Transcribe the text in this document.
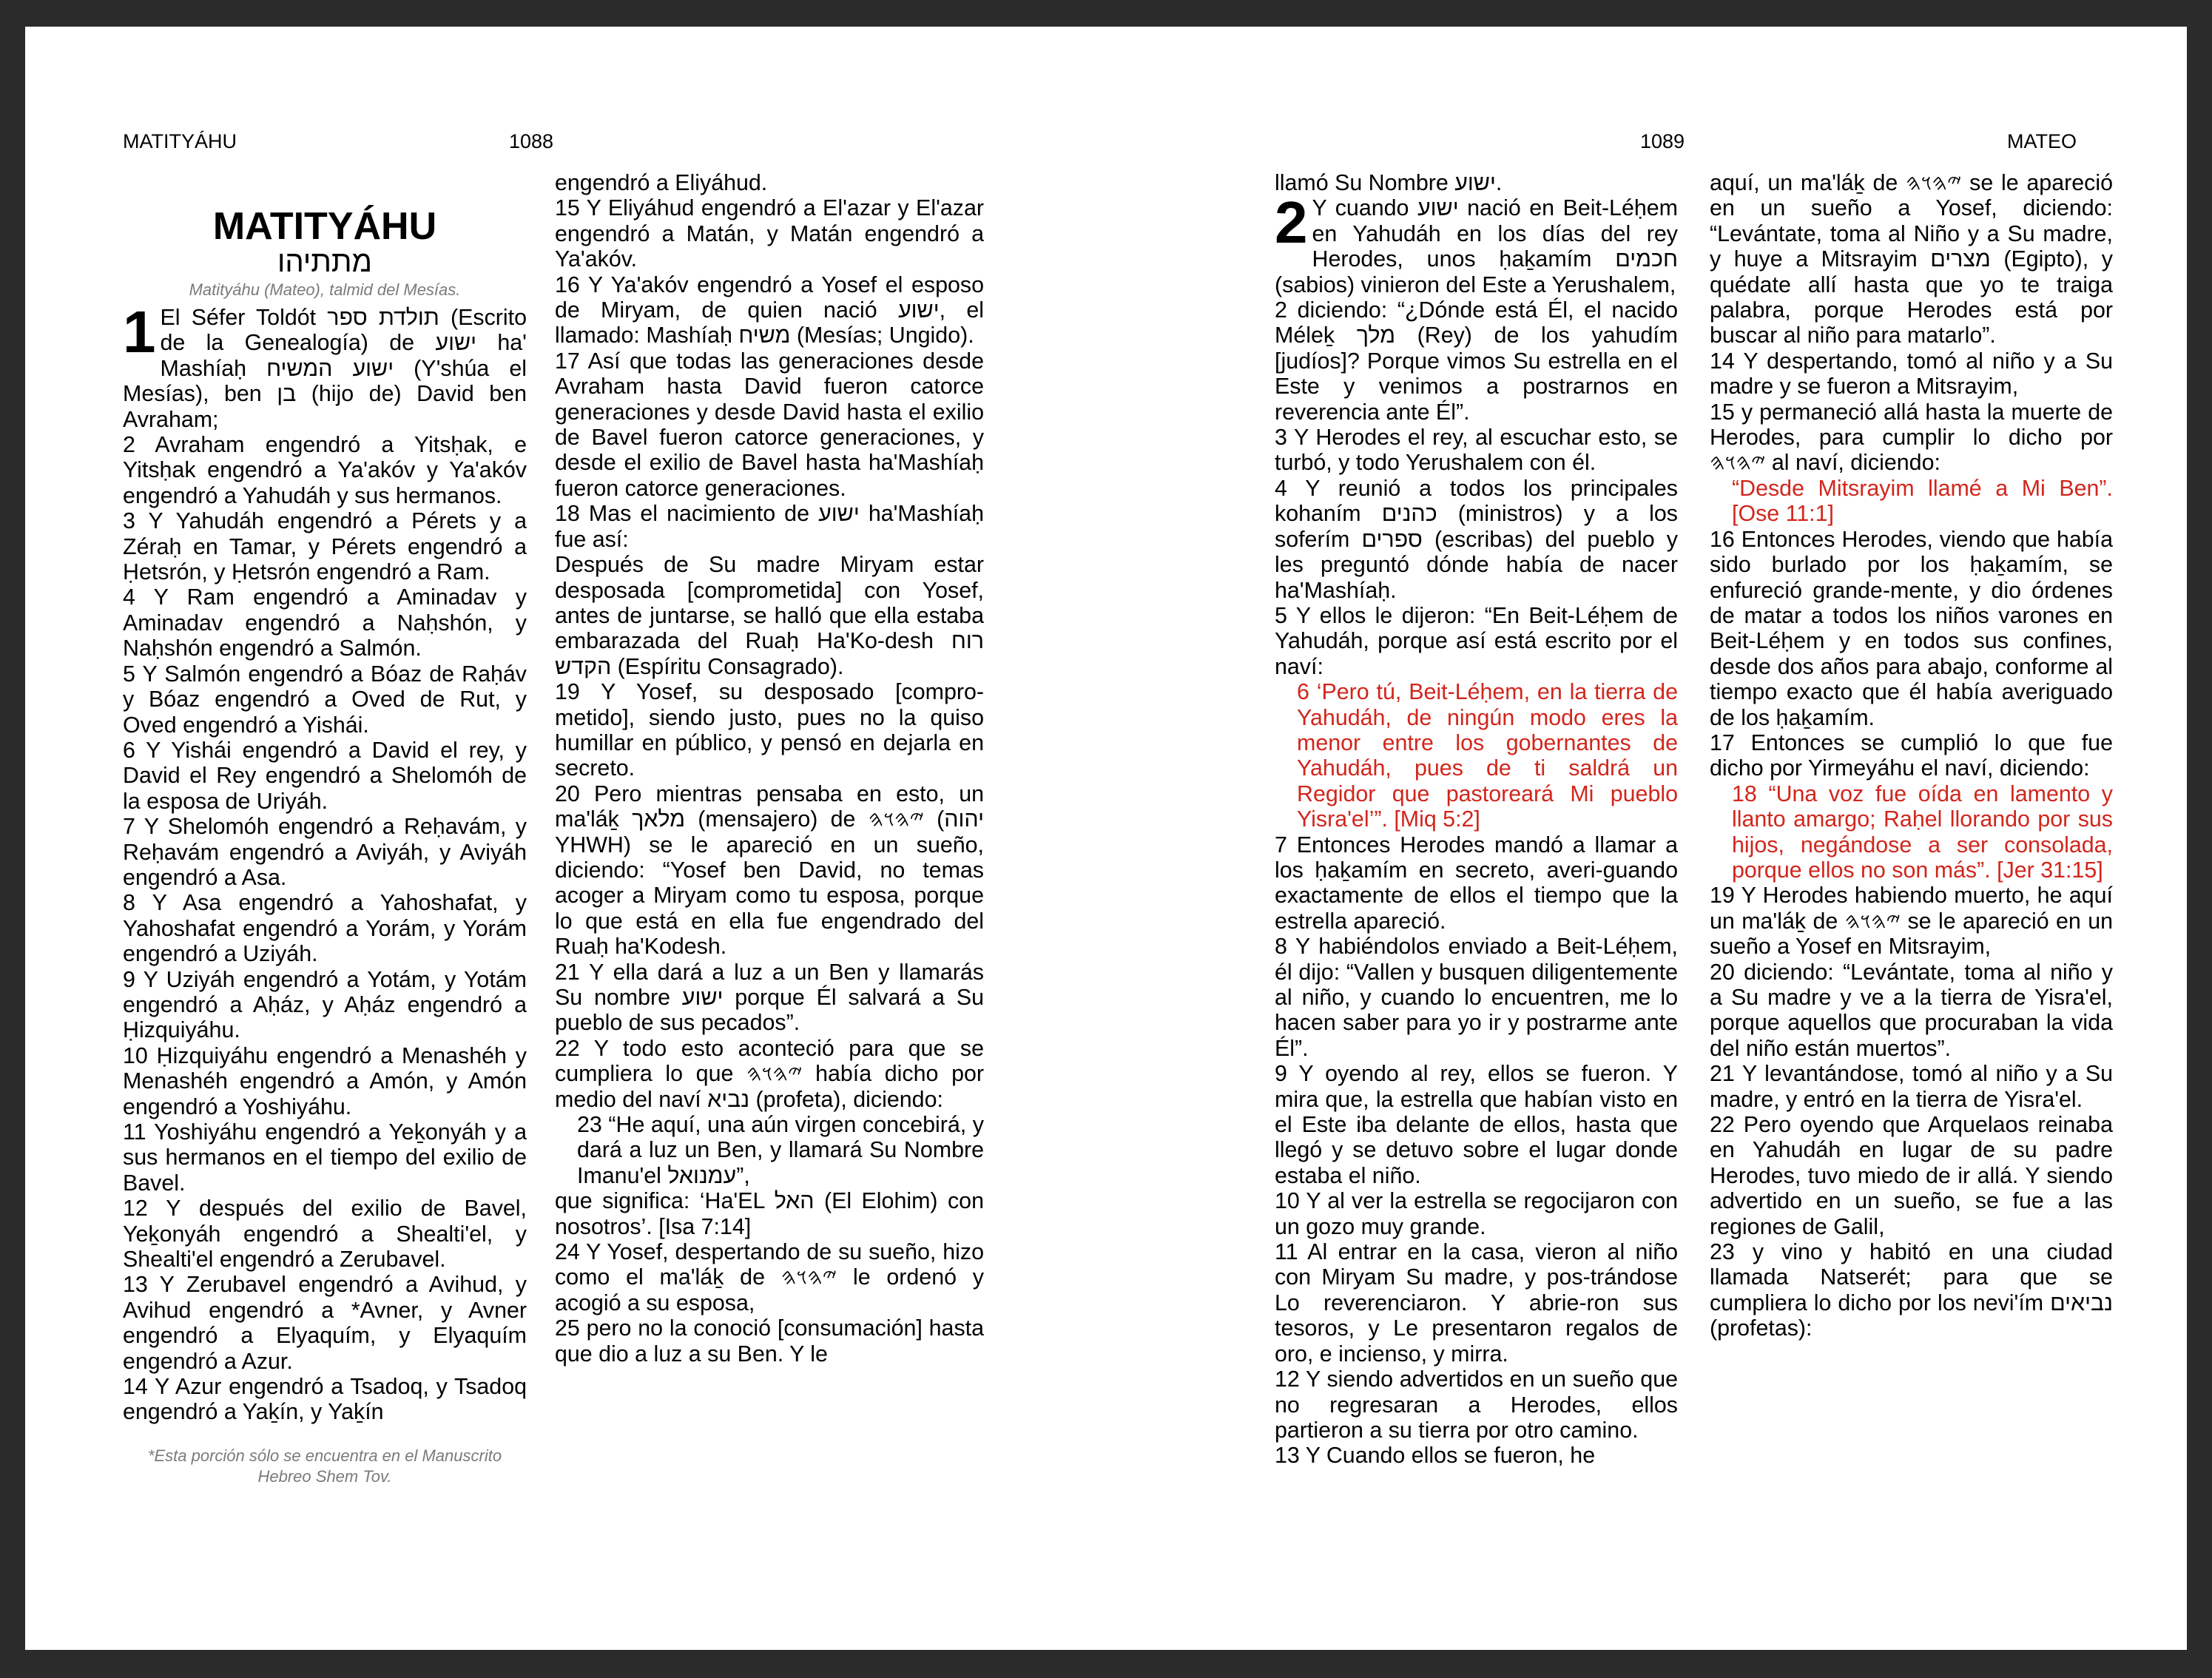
MATITYÁHU	1088
MATITYÁHU
מתתיהו
Matityáhu (Mateo), talmid del Mesías.
1 El Séfer Toldót תולדת ספר (Escrito de la Genealogía) de ישוע ha' Mashíaḥ ישוע המשיח (Y'shúa el Mesías), ben בן (hijo de) David ben Avraham;

2 Avraham engendró a Yitsḥak, e Yitsḥak engendró a Ya'akóv y Ya'akóv engendró a Yahudáh y sus hermanos.

3 Y Yahudáh engendró a Pérets y a Zéraḥ en Tamar, y Pérets engendró a Ḥetsrón, y Ḥetsrón engendró a Ram.

4 Y Ram engendró a Aminadav y Aminadav engendró a Naḥshón, y Naḥshón engendró a Salmón.

5 Y Salmón engendró a Bóaz de Raḥáv y Bóaz engendró a Oved de Rut, y Oved engendró a Yishái.

6 Y Yishái engendró a David el rey, y David el Rey engendró a Shelomóh de la esposa de Uriyáh.

7 Y Shelomóh engendró a Reḥavám, y Reḥavám engendró a Aviyáh, y Aviyáh engendró a Asa.

8 Y Asa engendró a Yahoshafat, y Yahoshafat engendró a Yorám, y Yorám engendró a Uziyáh.

9 Y Uziyáh engendró a Yotám, y Yotám engendró a Aḥáz, y Aḥáz engendró a Ḥizquiyáhu.

10 Ḥizquiyáhu engendró a Menashéh y Menashéh engendró a Amón, y Amón engendró a Yoshiyáhu.

11 Yoshiyáhu engendró a Yeḵonyáh y a sus hermanos en el tiempo del exilio de Bavel.

12 Y después del exilio de Bavel, Yeḵonyáh engendró a Shealti'el, y Shealti'el engendró a Zerubavel.

13 Y Zerubavel engendró a Avihud, y Avihud engendró a *Avner, y Avner engendró a Elyaquím, y Elyaquím engendró a Azur.

14 Y Azur engendró a Tsadoq, y Tsadoq engendró a Yaḵín, y Yaḵín

*Esta porción sólo se encuentra en el Manuscrito Hebreo Shem Tov.

engendró a Eliyáhud.

15 Y Eliyáhud engendró a El'azar y El'azar engendró a Matán, y Matán engendró a Ya'akóv.

16 Y Ya'akóv engendró a Yosef el esposo de Miryam, de quien nació ישוע, el llamado: Mashíaḥ משיח (Mesías; Ungido).

17 Así que todas las generaciones desde Avraham hasta David fueron catorce generaciones y desde David hasta el exilio de Bavel fueron catorce generaciones, y desde el exilio de Bavel hasta ha'Mashíaḥ fueron catorce generaciones.

18 Mas el nacimiento de ישוע ha'Mashíaḥ fue así:

Después de Su madre Miryam estar desposada [comprometida] con Yosef, antes de juntarse, se halló que ella estaba embarazada del Ruaḥ Ha'Ko-desh רוח הקדש (Espíritu Consagrado).

19 Y Yosef, su desposado [compro-metido], siendo justo, pues no la quiso humillar en público, y pensó en dejarla en secreto.

20 Pero mientras pensaba en esto, un ma'láḵ מלאך (mensajero) de 𐤉𐤄𐤅𐤄 (יהוה YHWH) se le apareció en un sueño, diciendo: “Yosef ben David, no temas acoger a Miryam como tu esposa, porque lo que está en ella fue engendrado del Ruaḥ ha'Kodesh.

21 Y ella dará a luz a un Ben y llamarás Su nombre ישוע porque Él salvará a Su pueblo de sus pecados”.

22 Y todo esto aconteció para que se cumpliera lo que 𐤉𐤄𐤅𐤄 había dicho por medio del naví נביא (profeta), diciendo:

23 “He aquí, una aún virgen concebirá, y dará a luz un Ben, y llamará Su Nombre Imanu'el עמנואל”,

que significa: ‘Ha'EL האל (El Elohim) con nosotros’. [Isa 7:14]

24 Y Yosef, despertando de su sueño, hizo como el ma'láḵ de 𐤉𐤄𐤅𐤄 le ordenó y acogió a su esposa,

25 pero no la conoció [consumación] hasta que dio a luz a su Ben. Y le

1089	MATEO

llamó Su Nombre ישוע.

2 Y cuando ישוע nació en Beit-Léḥem en Yahudáh en los días del rey Herodes, unos ḥaḵamím חכמים (sabios) vinieron del Este a Yerushalem,

2 diciendo: “¿Dónde está Él, el nacido Méleḵ מלך (Rey) de los yahudím [judíos]? Porque vimos Su estrella en el Este y venimos a postrarnos en reverencia ante Él”.

3 Y Herodes el rey, al escuchar esto, se turbó, y todo Yerushalem con él.

4 Y reunió a todos los principales kohaním כהנים (ministros) y a los soferím ספרים (escribas) del pueblo y les preguntó dónde había de nacer ha'Mashíaḥ.

5 Y ellos le dijeron: “En Beit-Léḥem de Yahudáh, porque así está escrito por el naví:

6 ‘Pero tú, Beit-Léḥem, en la tierra de Yahudáh, de ningún modo eres la menor entre los gobernantes de Yahudáh, pues de ti saldrá un Regidor que pastoreará Mi pueblo Yisra'el’”. [Miq 5:2]

7 Entonces Herodes mandó a llamar a los ḥaḵamím en secreto, averi-guando exactamente de ellos el tiempo que la estrella apareció.

8 Y habiéndolos enviado a Beit-Léḥem, él dijo: “Vallen y busquen diligentemente al niño, y cuando lo encuentren, me lo hacen saber para yo ir y postrarme ante Él”.

9 Y oyendo al rey, ellos se fueron. Y mira que, la estrella que habían visto en el Este iba delante de ellos, hasta que llegó y se detuvo sobre el lugar donde estaba el niño.

10 Y al ver la estrella se regocijaron con un gozo muy grande.

11 Al entrar en la casa, vieron al niño con Miryam Su madre, y pos-trándose Lo reverenciaron. Y abrie-ron sus tesoros, y Le presentaron regalos de oro, e incienso, y mirra.

12 Y siendo advertidos en un sueño que no regresaran a Herodes, ellos partieron a su tierra por otro camino.

13 Y Cuando ellos se fueron, he

aquí, un ma'láḵ de 𐤉𐤄𐤅𐤄 se le apareció en un sueño a Yosef, diciendo: “Levántate, toma al Niño y a Su madre, y huye a Mitsrayim מצרים (Egipto), y quédate allí hasta que yo te traiga palabra, porque Herodes está por buscar al niño para matarlo”.

14 Y despertando, tomó al niño y a Su madre y se fueron a Mitsrayim,

15 y permaneció allá hasta la muerte de Herodes, para cumplir lo dicho por 𐤉𐤄𐤅𐤄 al naví, diciendo:

“Desde Mitsrayim llamé a Mi Ben”. [Ose 11:1]

16 Entonces Herodes, viendo que había sido burlado por los ḥaḵamím, se enfureció grande-mente, y dio órdenes de matar a todos los niños varones en Beit-Léḥem y en todos sus confines, desde dos años para abajo, conforme al tiempo exacto que él había averiguado de los ḥaḵamím.

17 Entonces se cumplió lo que fue dicho por Yirmeyáhu el naví, diciendo:

18 “Una voz fue oída en lamento y llanto amargo; Raḥel llorando por sus hijos, negándose a ser consolada, porque ellos no son más”. [Jer 31:15]

19 Y Herodes habiendo muerto, he aquí un ma'láḵ de 𐤉𐤄𐤅𐤄 se le apareció en un sueño a Yosef en Mitsrayim,

20 diciendo: “Levántate, toma al niño y a Su madre y ve a la tierra de Yisra'el, porque aquellos que procuraban la vida del niño están muertos”.

21 Y levantándose, tomó al niño y a Su madre, y entró en la tierra de Yisra'el.

22 Pero oyendo que Arquelaos reinaba en Yahudáh en lugar de su padre Herodes, tuvo miedo de ir allá. Y siendo advertido en un sueño, se fue a las regiones de Galil,

23 y vino y habitó en una ciudad llamada Natserét; para que se cumpliera lo dicho por los nevi'ím נביאים (profetas):
